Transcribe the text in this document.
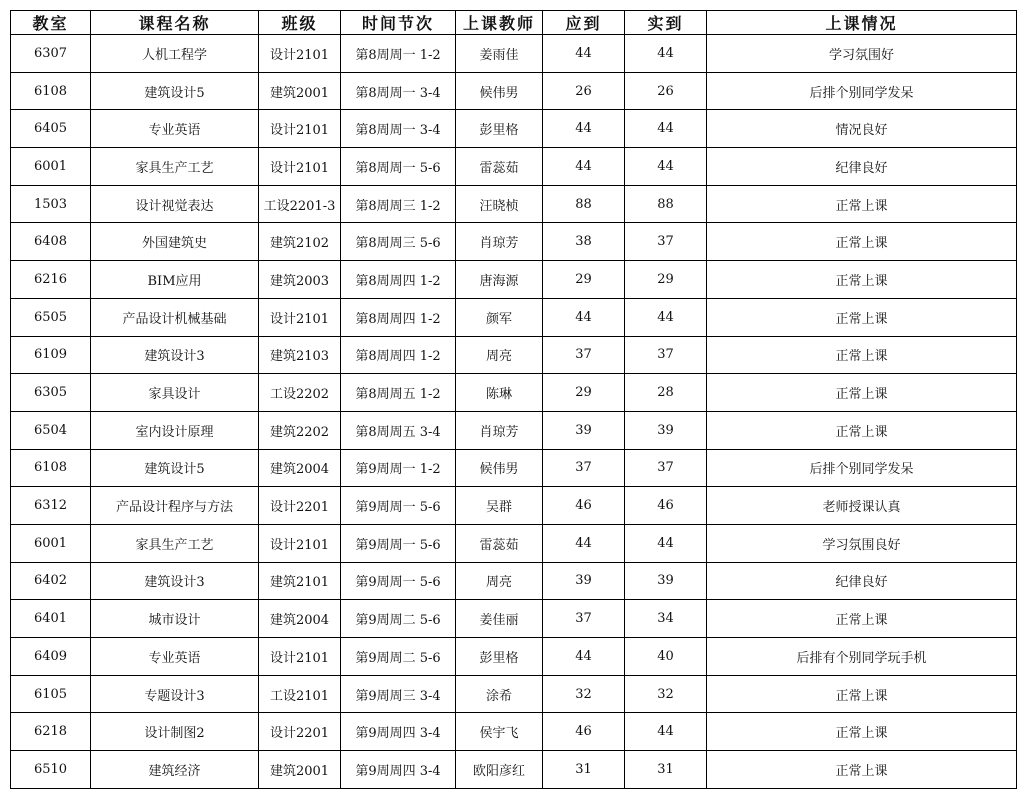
教室	课程名称	班级	时间节次	上课教师	应到	实到	上课情况
6307	人机工程学	设计2101	第8周周一 1-2	姜雨佳	44	44	学习氛围好
6108	建筑设计5	建筑2001	第8周周一 3-4	候伟男	26	26	后排个别同学发呆
6405	专业英语	设计2101	第8周周一 3-4	彭里格	44	44	情况良好
6001	家具生产工艺	设计2101	第8周周一 5-6	雷蕊茹	44	44	纪律良好
1503	设计视觉表达	工设2201-3	第8周周三 1-2	汪晓桢	88	88	正常上课
6408	外国建筑史	建筑2102	第8周周三 5-6	肖琼芳	38	37	正常上课
6216	BIM应用	建筑2003	第8周周四 1-2	唐海源	29	29	正常上课
6505	产品设计机械基础	设计2101	第8周周四 1-2	颜军	44	44	正常上课
6109	建筑设计3	建筑2103	第8周周四 1-2	周亮	37	37	正常上课
6305	家具设计	工设2202	第8周周五 1-2	陈琳	29	28	正常上课
6504	室内设计原理	建筑2202	第8周周五 3-4	肖琼芳	39	39	正常上课
6108	建筑设计5	建筑2004	第9周周一 1-2	候伟男	37	37	后排个别同学发呆
6312	产品设计程序与方法	设计2201	第9周周一 5-6	吴群	46	46	老师授课认真
6001	家具生产工艺	设计2101	第9周周一 5-6	雷蕊茹	44	44	学习氛围良好
6402	建筑设计3	建筑2101	第9周周一 5-6	周亮	39	39	纪律良好
6401	城市设计	建筑2004	第9周周二 5-6	姜佳丽	37	34	正常上课
6409	专业英语	设计2101	第9周周二 5-6	彭里格	44	40	后排有个别同学玩手机
6105	专题设计3	工设2101	第9周周三 3-4	涂希	32	32	正常上课
6218	设计制图2	设计2201	第9周周四 3-4	侯宇飞	46	44	正常上课
6510	建筑经济	建筑2001	第9周周四 3-4	欧阳彦红	31	31	正常上课
